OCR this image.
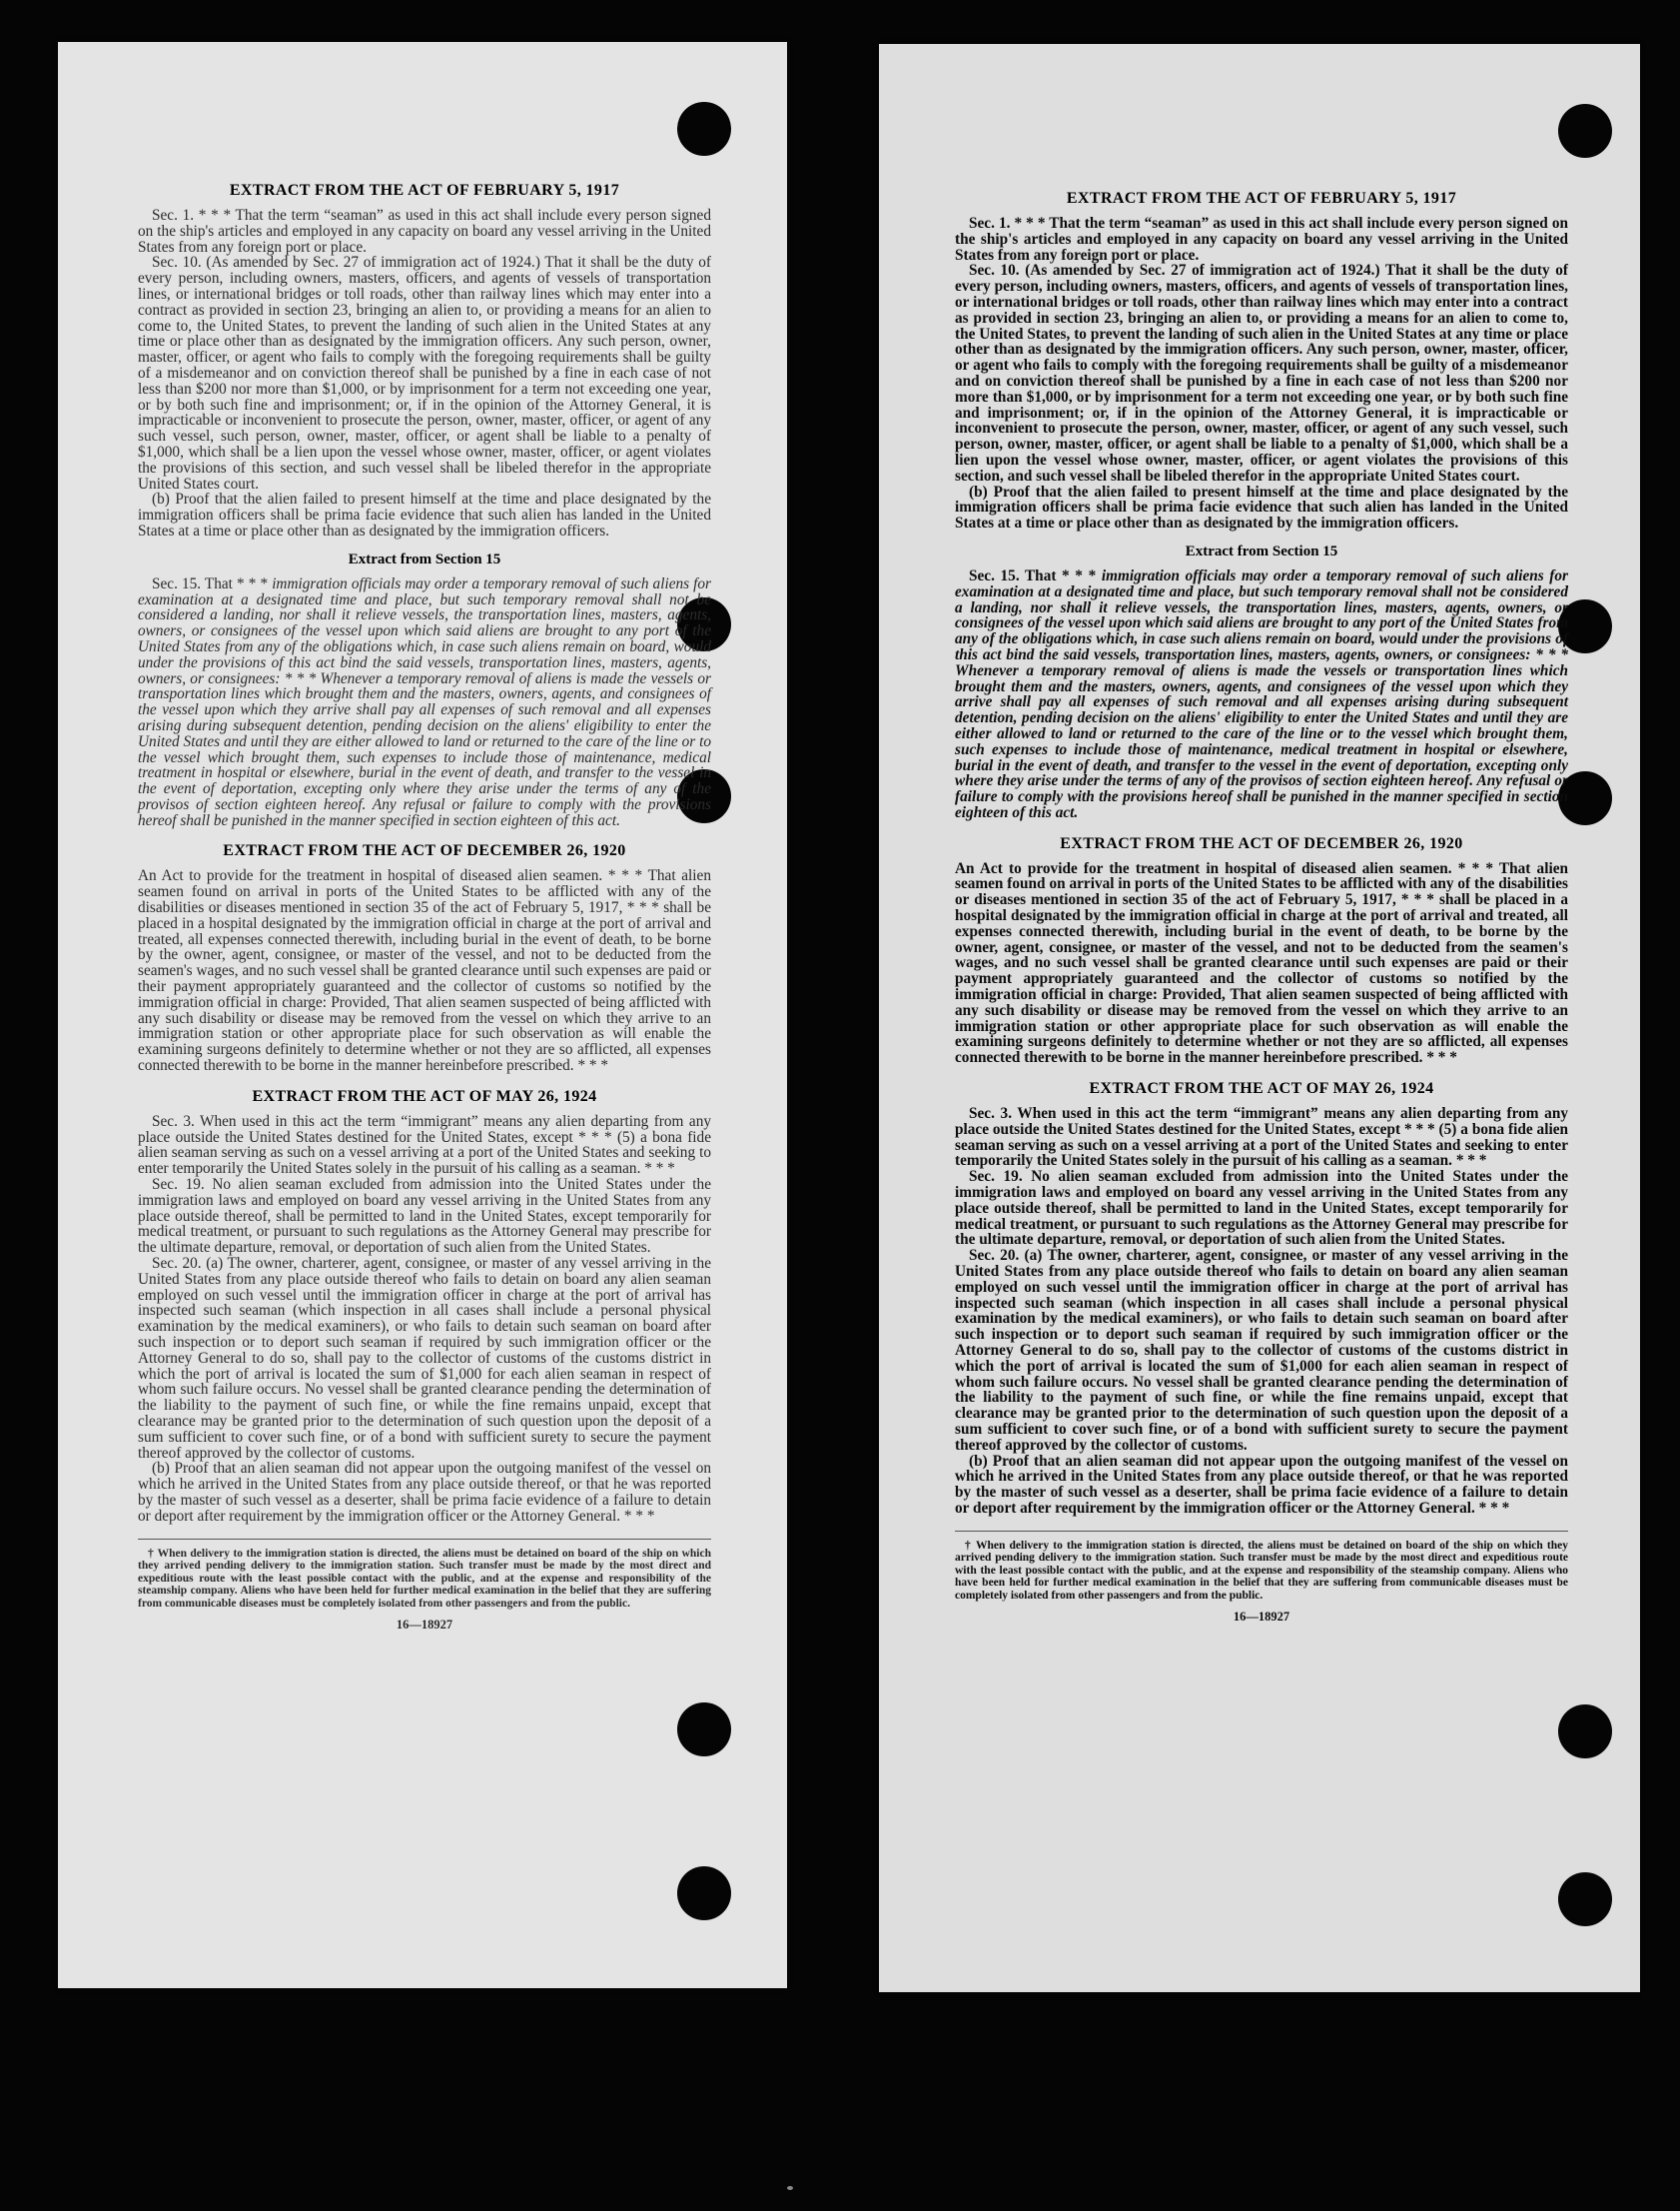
EXTRACT FROM THE ACT OF FEBRUARY 5, 1917

Sec. 1. * * * That the term “seaman” as used in this act shall include every person signed on the ship's articles and employed in any capacity on board any vessel arriving in the United States from any foreign port or place.

Sec. 10. (As amended by Sec. 27 of immigration act of 1924.) That it shall be the duty of every person, including owners, masters, officers, and agents of vessels of transportation lines, or international bridges or toll roads, other than railway lines which may enter into a contract as provided in section 23, bringing an alien to, or providing a means for an alien to come to, the United States, to prevent the landing of such alien in the United States at any time or place other than as designated by the immigration officers. Any such person, owner, master, officer, or agent who fails to comply with the foregoing requirements shall be guilty of a misdemeanor and on conviction thereof shall be punished by a fine in each case of not less than $200 nor more than $1,000, or by imprisonment for a term not exceeding one year, or by both such fine and imprisonment; or, if in the opinion of the Attorney General, it is impracticable or inconvenient to prosecute the person, owner, master, officer, or agent of any such vessel, such person, owner, master, officer, or agent shall be liable to a penalty of $1,000, which shall be a lien upon the vessel whose owner, master, officer, or agent violates the provisions of this section, and such vessel shall be libeled therefor in the appropriate United States court.

(b) Proof that the alien failed to present himself at the time and place designated by the immigration officers shall be prima facie evidence that such alien has landed in the United States at a time or place other than as designated by the immigration officers.

Extract from Section 15

Sec. 15. That * * * immigration officials may order a temporary removal of such aliens for examination at a designated time and place, but such temporary removal shall not be considered a landing, nor shall it relieve vessels, the transportation lines, masters, agents, owners, or consignees of the vessel upon which said aliens are brought to any port of the United States from any of the obligations which, in case such aliens remain on board, would under the provisions of this act bind the said vessels, transportation lines, masters, agents, owners, or consignees: * * * Whenever a temporary removal of aliens is made the vessels or transportation lines which brought them and the masters, owners, agents, and consignees of the vessel upon which they arrive shall pay all expenses of such removal and all expenses arising during subsequent detention, pending decision on the aliens' eligibility to enter the United States and until they are either allowed to land or returned to the care of the line or to the vessel which brought them, such expenses to include those of maintenance, medical treatment in hospital or elsewhere, burial in the event of death, and transfer to the vessel in the event of deportation, excepting only where they arise under the terms of any of the provisos of section eighteen hereof. Any refusal or failure to comply with the provisions hereof shall be punished in the manner specified in section eighteen of this act.

EXTRACT FROM THE ACT OF DECEMBER 26, 1920

An Act to provide for the treatment in hospital of diseased alien seamen. * * * That alien seamen found on arrival in ports of the United States to be afflicted with any of the disabilities or diseases mentioned in section 35 of the act of February 5, 1917, * * * shall be placed in a hospital designated by the immigration official in charge at the port of arrival and treated, all expenses connected therewith, including burial in the event of death, to be borne by the owner, agent, consignee, or master of the vessel, and not to be deducted from the seamen's wages, and no such vessel shall be granted clearance until such expenses are paid or their payment appropriately guaranteed and the collector of customs so notified by the immigration official in charge: Provided, That alien seamen suspected of being afflicted with any such disability or disease may be removed from the vessel on which they arrive to an immigration station or other appropriate place for such observation as will enable the examining surgeons definitely to determine whether or not they are so afflicted, all expenses connected therewith to be borne in the manner hereinbefore prescribed. * * *

EXTRACT FROM THE ACT OF MAY 26, 1924

Sec. 3. When used in this act the term “immigrant” means any alien departing from any place outside the United States destined for the United States, except * * * (5) a bona fide alien seaman serving as such on a vessel arriving at a port of the United States and seeking to enter temporarily the United States solely in the pursuit of his calling as a seaman. * * *

Sec. 19. No alien seaman excluded from admission into the United States under the immigration laws and employed on board any vessel arriving in the United States from any place outside thereof, shall be permitted to land in the United States, except temporarily for medical treatment, or pursuant to such regulations as the Attorney General may prescribe for the ultimate departure, removal, or deportation of such alien from the United States.

Sec. 20. (a) The owner, charterer, agent, consignee, or master of any vessel arriving in the United States from any place outside thereof who fails to detain on board any alien seaman employed on such vessel until the immigration officer in charge at the port of arrival has inspected such seaman (which inspection in all cases shall include a personal physical examination by the medical examiners), or who fails to detain such seaman on board after such inspection or to deport such seaman if required by such immigration officer or the Attorney General to do so, shall pay to the collector of customs of the customs district in which the port of arrival is located the sum of $1,000 for each alien seaman in respect of whom such failure occurs. No vessel shall be granted clearance pending the determination of the liability to the payment of such fine, or while the fine remains unpaid, except that clearance may be granted prior to the determination of such question upon the deposit of a sum sufficient to cover such fine, or of a bond with sufficient surety to secure the payment thereof approved by the collector of customs.

(b) Proof that an alien seaman did not appear upon the outgoing manifest of the vessel on which he arrived in the United States from any place outside thereof, or that he was reported by the master of such vessel as a deserter, shall be prima facie evidence of a failure to detain or deport after requirement by the immigration officer or the Attorney General. * * *

† When delivery to the immigration station is directed, the aliens must be detained on board of the ship on which they arrived pending delivery to the immigration station. Such transfer must be made by the most direct and expeditious route with the least possible contact with the public, and at the expense and responsibility of the steamship company. Aliens who have been held for further medical examination in the belief that they are suffering from communicable diseases must be completely isolated from other passengers and from the public.

16—18927

EXTRACT FROM THE ACT OF FEBRUARY 5, 1917

Sec. 1. * * * That the term “seaman” as used in this act shall include every person signed on the ship's articles and employed in any capacity on board any vessel arriving in the United States from any foreign port or place.

Sec. 10. (As amended by Sec. 27 of immigration act of 1924.) That it shall be the duty of every person, including owners, masters, officers, and agents of vessels of transportation lines, or international bridges or toll roads, other than railway lines which may enter into a contract as provided in section 23, bringing an alien to, or providing a means for an alien to come to, the United States, to prevent the landing of such alien in the United States at any time or place other than as designated by the immigration officers. Any such person, owner, master, officer, or agent who fails to comply with the foregoing requirements shall be guilty of a misdemeanor and on conviction thereof shall be punished by a fine in each case of not less than $200 nor more than $1,000, or by imprisonment for a term not exceeding one year, or by both such fine and imprisonment; or, if in the opinion of the Attorney General, it is impracticable or inconvenient to prosecute the person, owner, master, officer, or agent of any such vessel, such person, owner, master, officer, or agent shall be liable to a penalty of $1,000, which shall be a lien upon the vessel whose owner, master, officer, or agent violates the provisions of this section, and such vessel shall be libeled therefor in the appropriate United States court.

(b) Proof that the alien failed to present himself at the time and place designated by the immigration officers shall be prima facie evidence that such alien has landed in the United States at a time or place other than as designated by the immigration officers.

Extract from Section 15

Sec. 15. That * * * immigration officials may order a temporary removal of such aliens for examination at a designated time and place, but such temporary removal shall not be considered a landing, nor shall it relieve vessels, the transportation lines, masters, agents, owners, or consignees of the vessel upon which said aliens are brought to any port of the United States from any of the obligations which, in case such aliens remain on board, would under the provisions of this act bind the said vessels, transportation lines, masters, agents, owners, or consignees: * * * Whenever a temporary removal of aliens is made the vessels or transportation lines which brought them and the masters, owners, agents, and consignees of the vessel upon which they arrive shall pay all expenses of such removal and all expenses arising during subsequent detention, pending decision on the aliens' eligibility to enter the United States and until they are either allowed to land or returned to the care of the line or to the vessel which brought them, such expenses to include those of maintenance, medical treatment in hospital or elsewhere, burial in the event of death, and transfer to the vessel in the event of deportation, excepting only where they arise under the terms of any of the provisos of section eighteen hereof. Any refusal or failure to comply with the provisions hereof shall be punished in the manner specified in section eighteen of this act.

EXTRACT FROM THE ACT OF DECEMBER 26, 1920

An Act to provide for the treatment in hospital of diseased alien seamen. * * * That alien seamen found on arrival in ports of the United States to be afflicted with any of the disabilities or diseases mentioned in section 35 of the act of February 5, 1917, * * * shall be placed in a hospital designated by the immigration official in charge at the port of arrival and treated, all expenses connected therewith, including burial in the event of death, to be borne by the owner, agent, consignee, or master of the vessel, and not to be deducted from the seamen's wages, and no such vessel shall be granted clearance until such expenses are paid or their payment appropriately guaranteed and the collector of customs so notified by the immigration official in charge: Provided, That alien seamen suspected of being afflicted with any such disability or disease may be removed from the vessel on which they arrive to an immigration station or other appropriate place for such observation as will enable the examining surgeons definitely to determine whether or not they are so afflicted, all expenses connected therewith to be borne in the manner hereinbefore prescribed. * * *

EXTRACT FROM THE ACT OF MAY 26, 1924

Sec. 3. When used in this act the term “immigrant” means any alien departing from any place outside the United States destined for the United States, except * * * (5) a bona fide alien seaman serving as such on a vessel arriving at a port of the United States and seeking to enter temporarily the United States solely in the pursuit of his calling as a seaman. * * *

Sec. 19. No alien seaman excluded from admission into the United States under the immigration laws and employed on board any vessel arriving in the United States from any place outside thereof, shall be permitted to land in the United States, except temporarily for medical treatment, or pursuant to such regulations as the Attorney General may prescribe for the ultimate departure, removal, or deportation of such alien from the United States.

Sec. 20. (a) The owner, charterer, agent, consignee, or master of any vessel arriving in the United States from any place outside thereof who fails to detain on board any alien seaman employed on such vessel until the immigration officer in charge at the port of arrival has inspected such seaman (which inspection in all cases shall include a personal physical examination by the medical examiners), or who fails to detain such seaman on board after such inspection or to deport such seaman if required by such immigration officer or the Attorney General to do so, shall pay to the collector of customs of the customs district in which the port of arrival is located the sum of $1,000 for each alien seaman in respect of whom such failure occurs. No vessel shall be granted clearance pending the determination of the liability to the payment of such fine, or while the fine remains unpaid, except that clearance may be granted prior to the determination of such question upon the deposit of a sum sufficient to cover such fine, or of a bond with sufficient surety to secure the payment thereof approved by the collector of customs.

(b) Proof that an alien seaman did not appear upon the outgoing manifest of the vessel on which he arrived in the United States from any place outside thereof, or that he was reported by the master of such vessel as a deserter, shall be prima facie evidence of a failure to detain or deport after requirement by the immigration officer or the Attorney General. * * *

† When delivery to the immigration station is directed, the aliens must be detained on board of the ship on which they arrived pending delivery to the immigration station. Such transfer must be made by the most direct and expeditious route with the least possible contact with the public, and at the expense and responsibility of the steamship company. Aliens who have been held for further medical examination in the belief that they are suffering from communicable diseases must be completely isolated from other passengers and from the public.

16—18927
